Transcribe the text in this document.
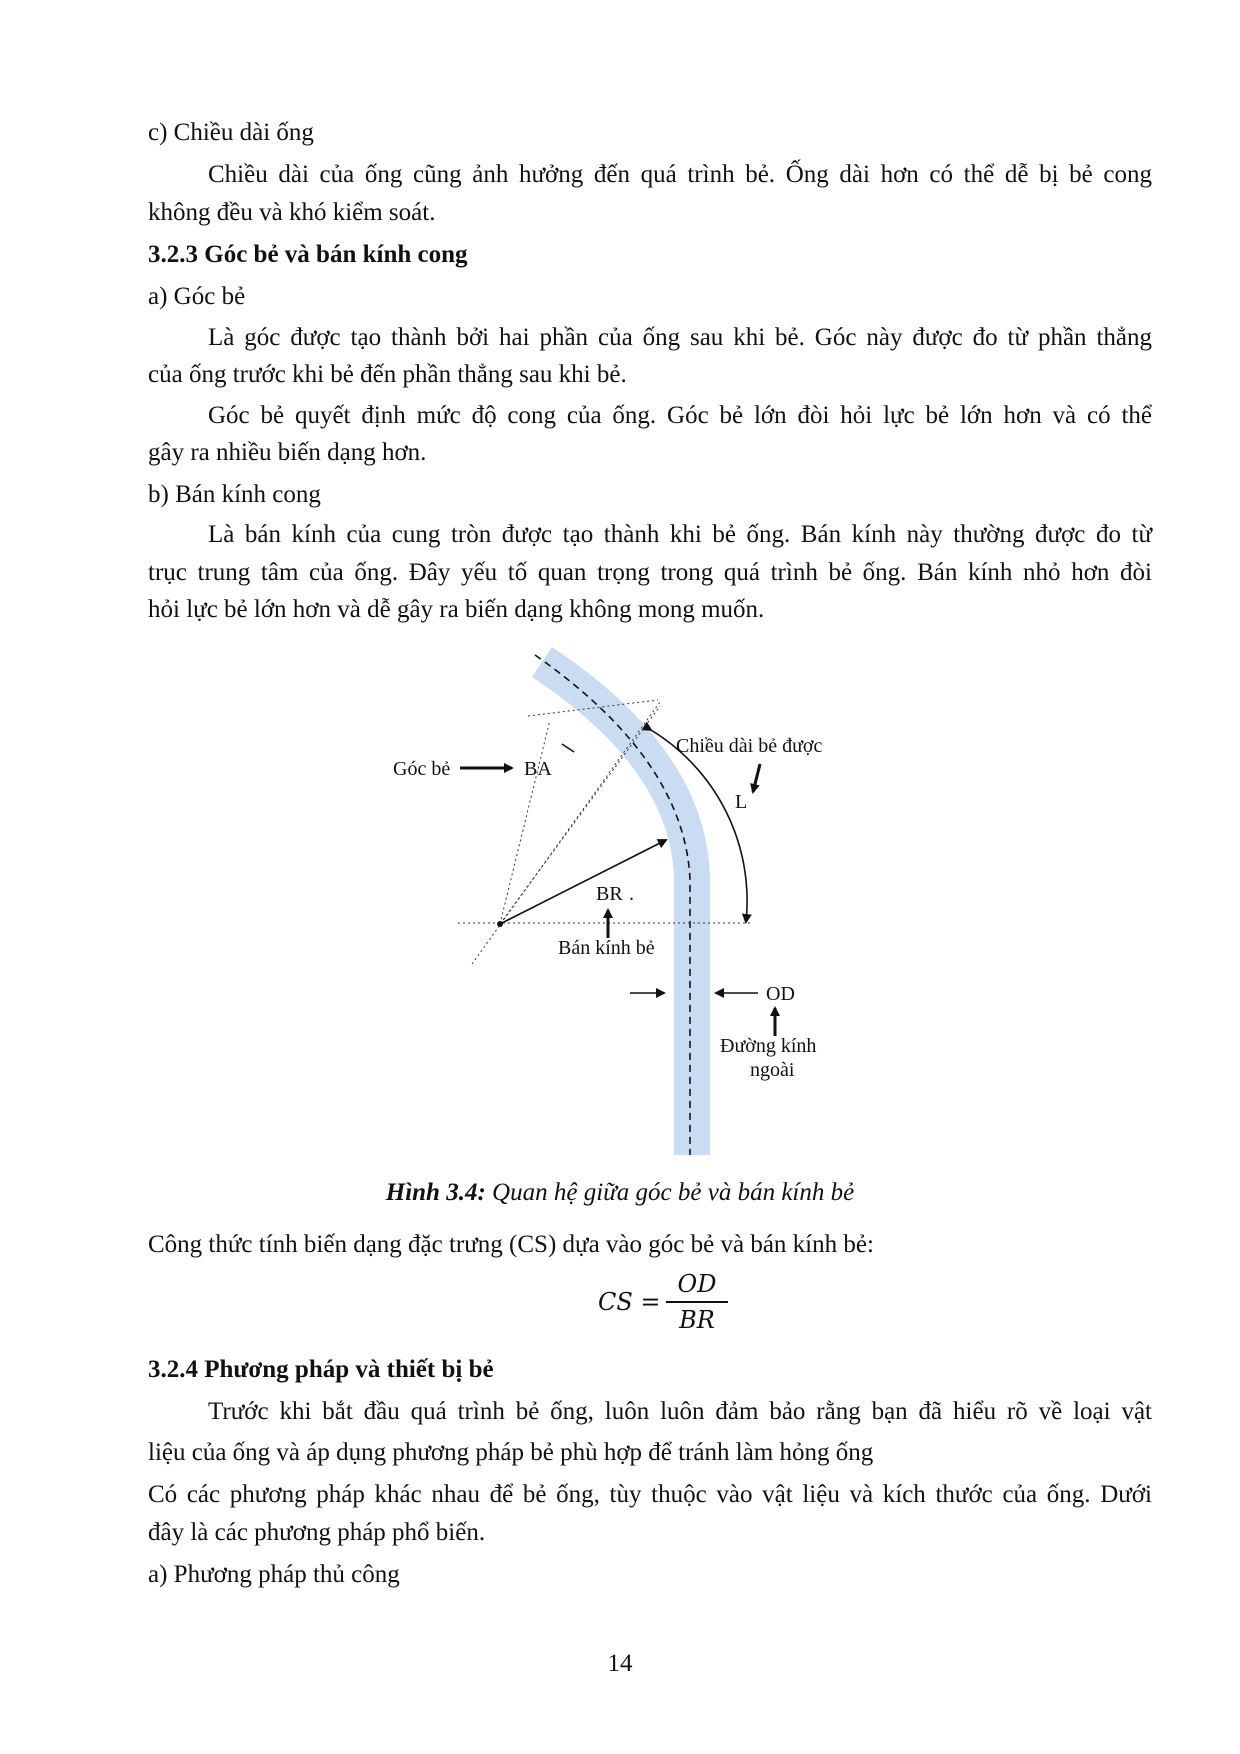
c) Chiều dài ống
Chiều dài của ống cũng ảnh hưởng đến quá trình bẻ. Ống dài hơn có thể dễ bị bẻ cong
không đều và khó kiểm soát.
3.2.3 Góc bẻ và bán kính cong
a) Góc bẻ
Là góc được tạo thành bởi hai phần của ống sau khi bẻ. Góc này được đo từ phần thẳng
của ống trước khi bẻ đến phần thẳng sau khi bẻ.
Góc bẻ quyết định mức độ cong của ống. Góc bẻ lớn đòi hỏi lực bẻ lớn hơn và có thể
gây ra nhiều biến dạng hơn.
b) Bán kính cong
Là bán kính của cung tròn được tạo thành khi bẻ ống. Bán kính này thường được đo từ
trục trung tâm của ống. Đây yếu tố quan trọng trong quá trình bẻ ống. Bán kính nhỏ hơn đòi
hỏi lực bẻ lớn hơn và dễ gây ra biến dạng không mong muốn.
Góc bẻ	BA
Chiều dài bẻ được
L
BR .
Bán kính bẻ
OD
Đường kính
ngoài
Hình 3.4: Quan hệ giữa góc bẻ và bán kính bẻ
Công thức tính biến dạng đặc trưng (CS) dựa vào góc bẻ và bán kính bẻ:
CS =
OD
BR
3.2.4 Phương pháp và thiết bị bẻ
Trước khi bắt đầu quá trình bẻ ống, luôn luôn đảm bảo rằng bạn đã hiểu rõ về loại vật
liệu của ống và áp dụng phương pháp bẻ phù hợp để tránh làm hỏng ống
Có các phương pháp khác nhau để bẻ ống, tùy thuộc vào vật liệu và kích thước của ống. Dưới
đây là các phương pháp phổ biến.
a) Phương pháp thủ công
14
